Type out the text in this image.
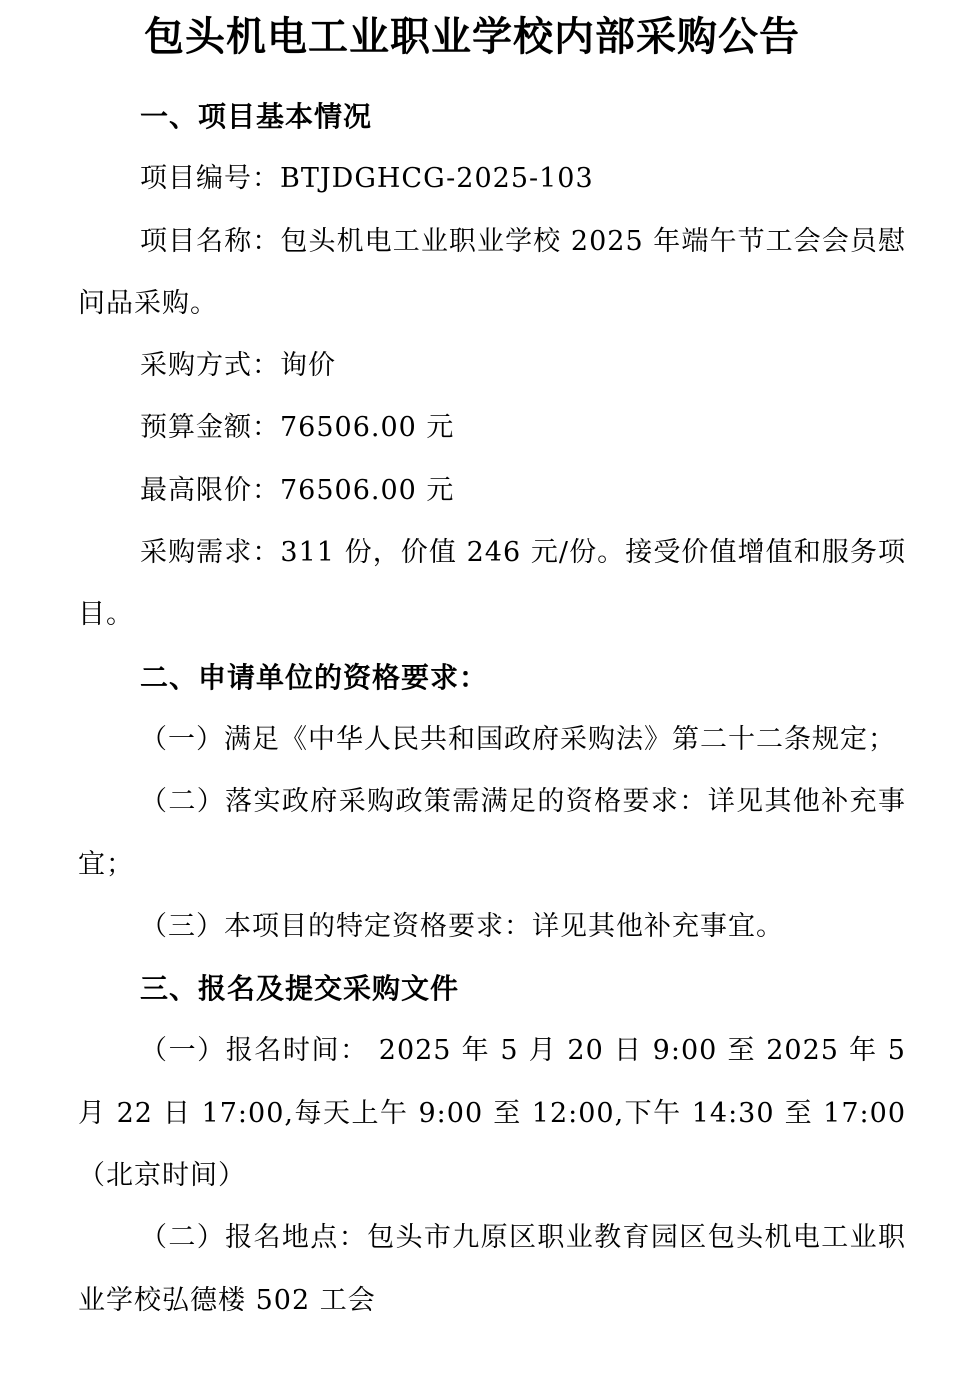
包头机电工业职业学校内部采购公告

一、项目基本情况

项目编号：BTJDGHCG-2025-103

项目名称：包头机电工业职业学校 2025 年端午节工会会员慰问品采购。

采购方式：询价

预算金额：76506.00 元

最高限价：76506.00 元

采购需求：311 份，价值 246 元/份。接受价值增值和服务项目。

二、申请单位的资格要求：

（一）满足《中华人民共和国政府采购法》第二十二条规定；

（二）落实政府采购政策需满足的资格要求：详见其他补充事宜；

（三）本项目的特定资格要求：详见其他补充事宜。

三、报名及提交采购文件

（一）报名时间： 2025 年 5 月 20 日 9:00 至 2025 年 5 月 22 日 17:00,每天上午 9:00 至 12:00,下午 14:30 至 17:00（北京时间）

（二）报名地点：包头市九原区职业教育园区包头机电工业职业学校弘德楼 502 工会
